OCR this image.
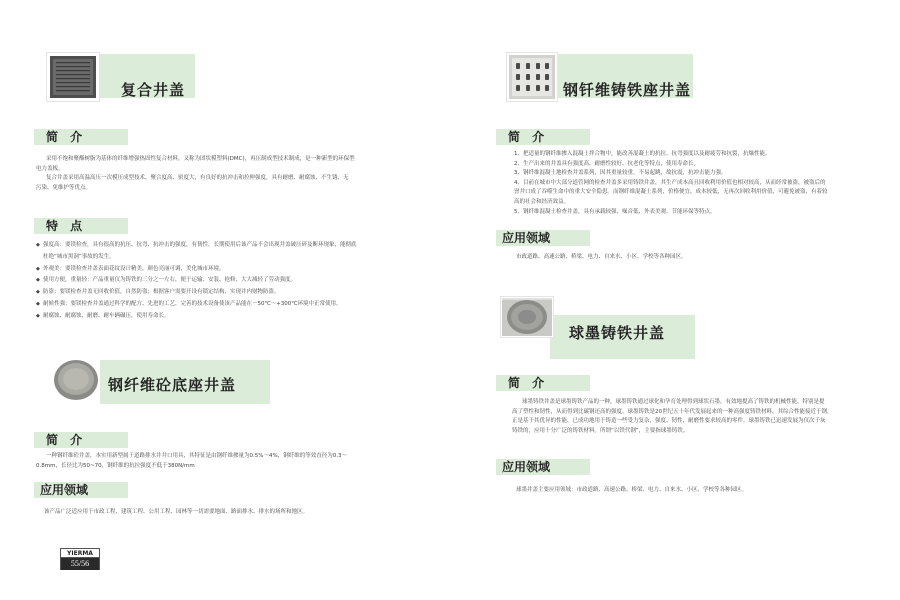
复合井盖
简 介
采用不饱和聚酯树脂为基体的纤维增强热固性复合材料，又称为团状模塑料(DMC)，再压制成型技术制成，是一种新型的环保型
电力盖板。
复合井盖采用高温高压一次模压成型技术，聚合度高、密度大，有良好的抗冲击和拉伸强度，具有耐磨、耐腐蚀、不生锈、无
污染、免维护等优点。
特 点
◆ 强度高：要镁检查，具有很高的抗压、抗弯、抗冲击的强度，有韧性。长期使用后该产品不会出现井盖破压碎及断环现象，能彻底
杜绝“城市黑洞”事故的发生。
◆ 外观美：要镁检查井盖表面花纹设计精美，颜色亮丽可调，美化城市环境。
◆ 使用方便，重量轻：产品重量仅为铸铁的三分之一左右，便于运输、安装、抢修，大大减轻了劳动强度。
◆ 防盗：要镁检查井盖无回收价值，自然防盗；根据客户需要开设有锁定结构，实现并内财物防盗。
◆ 耐候性强：要镁检查井盖通过科学的配方、先进的工艺，完善的技术设备使该产品能在－50℃～+300℃环境中正常使用。
◆ 耐腐蚀、耐腐蚀、耐磨、耐车辆碾压，使用寿命长。
钢纤维砼底座井盖
简 介
一种钢纤维砼井盖，本实用新型属于道路排水井井口用具，其特征是由钢纤维掺量为0.5%～4%，钢纤维的等效直径为0.3～
0.8mm，长径比为50~70，钢纤维的抗拉强度不低于380N/mm
应用领域
该产品广泛适应用于市政工程、建筑工程、公用工程、园林等一切需要地面、路面排水、排水的场所和地区。
YIERMA
55/56
钢钎维铸铁座井盖
简 介
1、把适量的钢纤维掺入混凝土拌合物中，能改善混凝土的抗拉、抗弯强度以及耐疲劳和抗裂，抗爆性能。
2、生产出来的井盖具有强度高、耐磨性较好、抗老化等特点，使用寿命长。
3、钢纤维混凝土地检查井盖系列，因其重量较重，不易起跳，故抗震，抗冲击能力强。
4、目前在城市中大部分道管网的检查井盖多采用铸铁井盖，其生产成本高且回收利用价值也相对较高，从而经常被盗，被盗后的
窨井口成了吞噬生命中的重大安全隐患。而钢纤维混凝土系列，价格便宜，成本较低，无再次回收利用价值，可避免被盗，有着较
高的社会和经济效益。
5、钢纤维混凝土检查井盖，具有承载较强、噪音低、外表美观、节能环保等特点。
应用领域
市政道路、高速公路、桥梁、电力、自来水、小区、学校等各种园区。
球墨铸铁井盖
简 介
球墨铸铁井盖是球墨铸铁产品的一种，球墨铸铁通过球化和孕育处理得到球状石墨，有效地提高了铸铁的机械性能，特别是提
高了塑性和韧性，从而得到比碳钢还高的强度。球墨铸铁是20世纪五十年代发展起来的一种高强度铸铁材料，其综合性能接近于钢，
正是基于其优异的性能，已成功地用于铸造一些受力复杂，强度、韧性、耐磨性要求较高的零件。球墨铸铁已迅速发展为仅次于灰
铸铁的，应用十分广泛的铸铁材料。所谓“以铁代钢”，主要指球墨铸铁。
应用领域
球墨井盖主要应用领域：市政道路、高速公路、桥梁、电力、自来水、小区、学校等各种园区。
